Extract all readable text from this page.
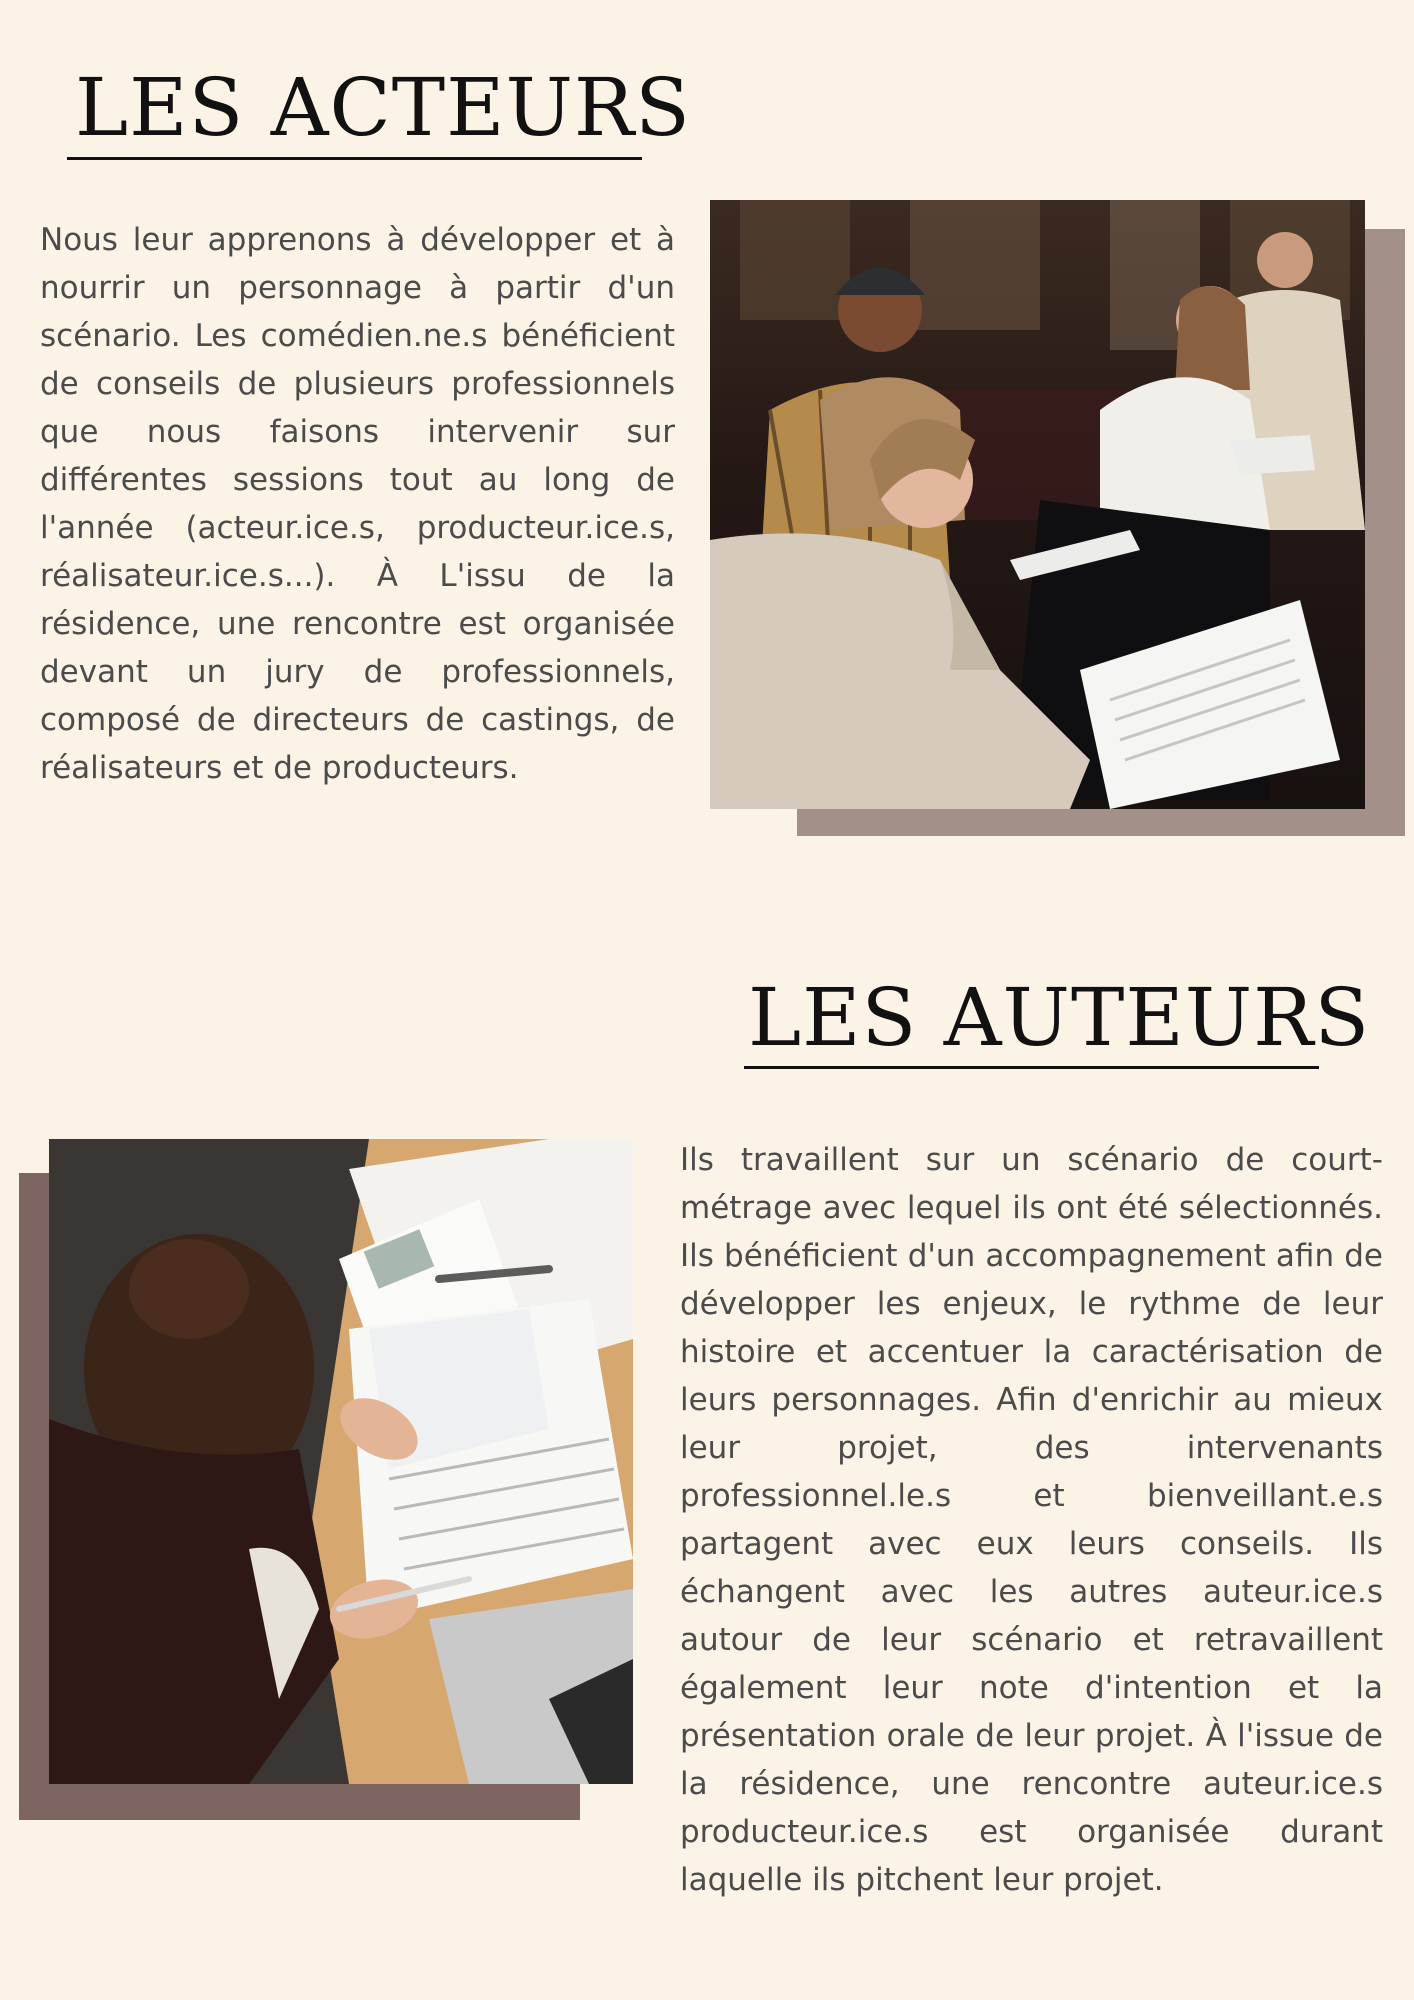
LES ACTEURS

Nous leur apprenons à développer et à nourrir un personnage à partir d'un scénario. Les comédien.ne.s bénéficient de conseils de plusieurs professionnels que nous faisons intervenir sur différentes sessions tout au long de l'année (acteur.ice.s, producteur.ice.s, réalisateur.ice.s...). À L'issu de la résidence, une rencontre est organisée devant un jury de professionnels, composé de directeurs de castings, de réalisateurs et de producteurs.

LES AUTEURS

Ils travaillent sur un scénario de court-métrage avec lequel ils ont été sélectionnés. Ils bénéficient d'un accompagnement afin de développer les enjeux, le rythme de leur histoire et accentuer la caractérisation de leurs personnages. Afin d'enrichir au mieux leur projet, des intervenants professionnel.le.s et bienveillant.e.s partagent avec eux leurs conseils. Ils échangent avec les autres auteur.ice.s autour de leur scénario et retravaillent également leur note d'intention et la présentation orale de leur projet. À l'issue de la résidence, une rencontre auteur.ice.s producteur.ice.s est organisée durant laquelle ils pitchent leur projet.
